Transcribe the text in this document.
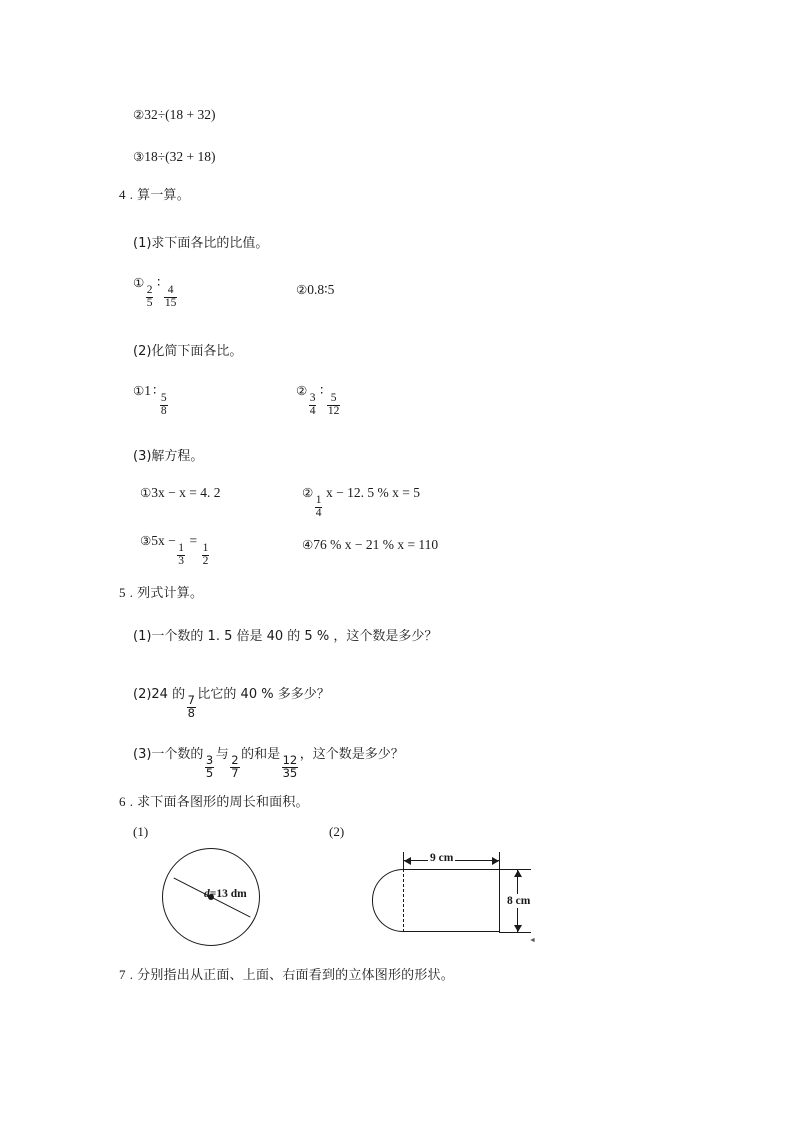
②32÷(18 + 32)
③18÷(32 + 18)
4 . 算一算。
(1)求下面各比的比值。
①
$\frac{2}{5}$
∶
$\frac{4}{15}$	②0.8∶5
(2)化简下面各比。
①1 ∶
$\frac{5}{8}$
②
$\frac{3}{4}$
∶
$\frac{5}{12}$
(3)解方程。
①3x − x = 4. 2	②
$\frac{1}{4}$
x − 12. 5 % x = 5
③5x −
$\frac{1}{3}$
=
$\frac{1}{2}$	④76 % x − 21 % x = 110
5 . 列式计算。
(1)一个数的 1. 5 倍是 40 的 5 % ，这个数是多少？
(2)24 的
$\frac{7}{8}$
比它的 40 % 多多少？
(3)一个数的
$\frac{3}{5}$
与
$\frac{2}{7}$
的和是
$\frac{12}{35}$
，这个数是多少？
6 . 求下面各图形的周长和面积。
(1)	(2)
d=13 dm
9 cm
8 cm
◄
7 . 分别指出从正面、上面、右面看到的立体图形的形状。
